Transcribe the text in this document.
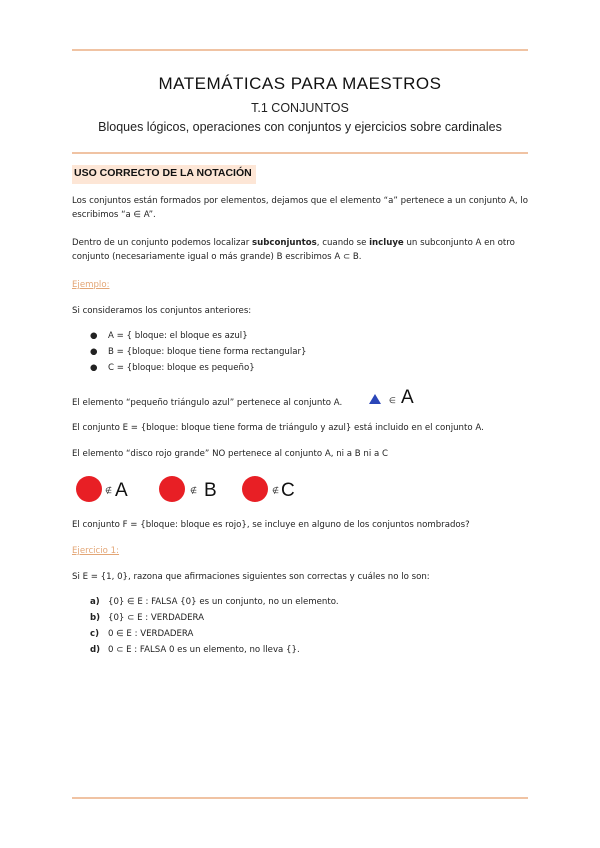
MATEMÁTICAS PARA MAESTROS
T.1 CONJUNTOS
Bloques lógicos, operaciones con conjuntos y ejercicios sobre cardinales
USO CORRECTO DE LA NOTACIÓN
Los conjuntos están formados por elementos, dejamos que el elemento “a” pertenece a un conjunto A, lo escribimos “a ∈ A”.
Dentro de un conjunto podemos localizar subconjuntos, cuando se incluye un subconjunto A en otro conjunto (necesariamente igual o más grande) B escribimos A ⊂ B.
Ejemplo:
Si consideramos los conjuntos anteriores:
● A = { bloque: el bloque es azul}
● B = {bloque: bloque tiene forma rectangular}
● C = {bloque: bloque es pequeño}
El elemento “pequeño triángulo azul” pertenece al conjunto A.	∈ A
El conjunto E = {bloque: bloque tiene forma de triángulo y azul} está incluido en el conjunto A.
El elemento “disco rojo grande” NO pertenece al conjunto A, ni a B ni a C
∉ A	∉ B	∉ C
El conjunto F = {bloque: bloque es rojo}, se incluye en alguno de los conjuntos nombrados?
Ejercicio 1:
Si E = {1, 0}, razona que afirmaciones siguientes son correctas y cuáles no lo son:
a) {0} ∈ E : FALSA {0} es un conjunto, no un elemento.
b) {0} ⊂ E : VERDADERA
c) 0 ∈ E : VERDADERA
d) 0 ⊂ E : FALSA 0 es un elemento, no lleva {}.
